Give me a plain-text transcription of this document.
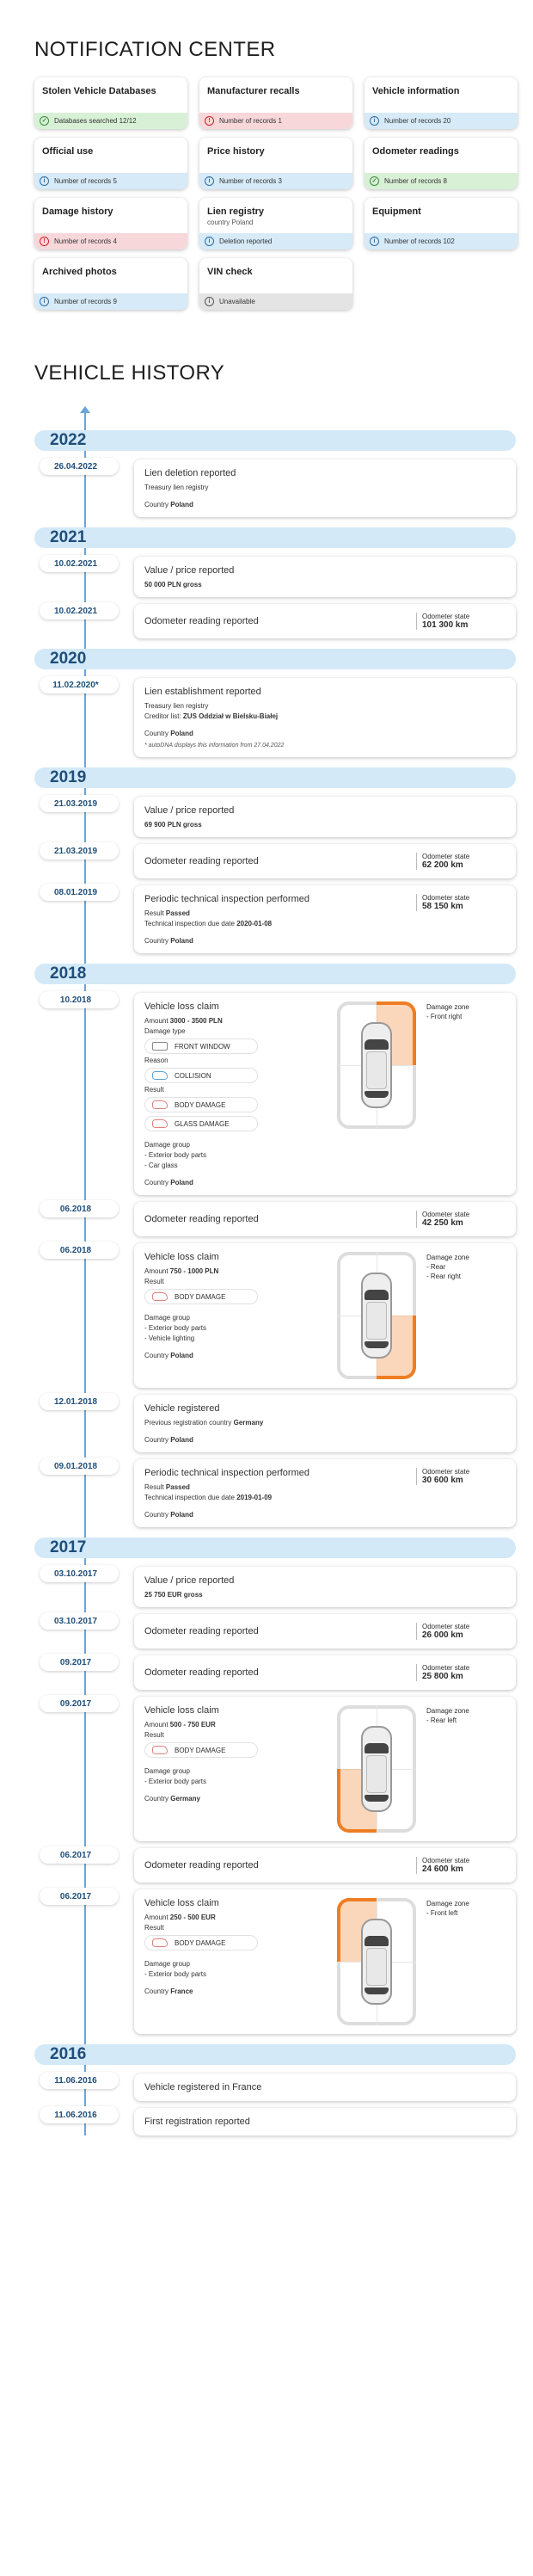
NOTIFICATION CENTER
Stolen Vehicle Databases
✓	Databases searched 12/12
Manufacturer recalls
!	Number of records 1
Vehicle information
i	Number of records 20
Official use
i	Number of records 5
Price history
i	Number of records 3
Odometer readings
✓	Number of records 8
Damage history
!	Number of records 4
Lien registry
country Poland
i	Deletion reported
Equipment
i	Number of records 102
Archived photos
i	Number of records 9
VIN check
i	Unavailable
VEHICLE HISTORY
2022
26.04.2022
Lien deletion reported
Treasury lien registry
Country Poland
2021
10.02.2021
Value / price reported
50 000 PLN gross
10.02.2021
Odometer reading reported	Odometer state
101 300 km
2020
11.02.2020*
Lien establishment reported
Treasury lien registry
Creditor list: ZUS Oddział w Bielsku-Białej
Country Poland
* autoDNA displays this information from 27.04.2022
2019
21.03.2019
Value / price reported
69 900 PLN gross
21.03.2019
Odometer reading reported	Odometer state
62 200 km
08.01.2019
Periodic technical inspection performed
Result Passed
Technical inspection due date 2020-01-08
Country Poland
Odometer state
58 150 km
2018
10.2018
Vehicle loss claim
Amount 3000 - 3500 PLN
Damage type
FRONT WINDOW
Reason
COLLISION
Result
BODY DAMAGE
GLASS DAMAGE
Damage group
- Exterior body parts
- Car glass
Country Poland
Damage zone
- Front right
06.2018
Odometer reading reported	Odometer state
42 250 km
06.2018
Vehicle loss claim
Amount 750 - 1000 PLN
Result
BODY DAMAGE
Damage group
- Exterior body parts
- Vehicle lighting
Country Poland
Damage zone
- Rear
- Rear right
12.01.2018
Vehicle registered
Previous registration country Germany
Country Poland
09.01.2018
Periodic technical inspection performed
Result Passed
Technical inspection due date 2019-01-09
Country Poland
Odometer state
30 600 km
2017
03.10.2017
Value / price reported
25 750 EUR gross
03.10.2017
Odometer reading reported	Odometer state
26 000 km
09.2017
Odometer reading reported	Odometer state
25 800 km
09.2017
Vehicle loss claim
Amount 500 - 750 EUR
Result
BODY DAMAGE
Damage group
- Exterior body parts
Country Germany
Damage zone
- Rear left
06.2017
Odometer reading reported	Odometer state
24 600 km
06.2017
Vehicle loss claim
Amount 250 - 500 EUR
Result
BODY DAMAGE
Damage group
- Exterior body parts
Country France
Damage zone
- Front left
2016
11.06.2016
Vehicle registered in France
11.06.2016
First registration reported
